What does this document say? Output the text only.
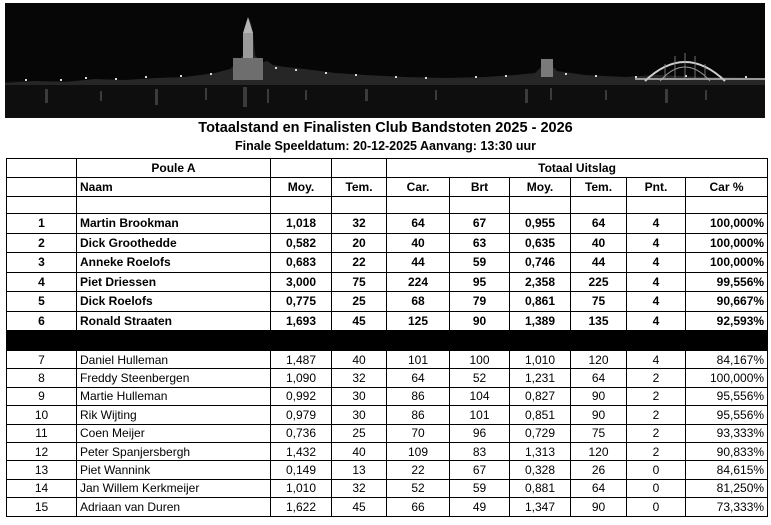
Totaalstand en Finalisten Club Bandstoten 2025 - 2026
Finale Speeldatum: 20-12-2025 Aanvang: 13:30 uur
	Poule A			Totaal Uitslag					
	Naam	Moy.	Tem.	Car.	Brt	Moy.	Tem.	Pnt.	Car %

1	Martin Brookman	1,018	32	64	67	0,955	64	4	100,000%
2	Dick Groothedde	0,582	20	40	63	0,635	40	4	100,000%
3	Anneke Roelofs	0,683	22	44	59	0,746	44	4	100,000%
4	Piet Driessen	3,000	75	224	95	2,358	225	4	99,556%
5	Dick Roelofs	0,775	25	68	79	0,861	75	4	90,667%
6	Ronald Straaten	1,693	45	125	90	1,389	135	4	92,593%

7	Daniel Hulleman	1,487	40	101	100	1,010	120	4	84,167%
8	Freddy Steenbergen	1,090	32	64	52	1,231	64	2	100,000%
9	Martie Hulleman	0,992	30	86	104	0,827	90	2	95,556%
10	Rik Wijting	0,979	30	86	101	0,851	90	2	95,556%
11	Coen Meijer	0,736	25	70	96	0,729	75	2	93,333%
12	Peter Spanjersbergh	1,432	40	109	83	1,313	120	2	90,833%
13	Piet Wannink	0,149	13	22	67	0,328	26	0	84,615%
14	Jan Willem Kerkmeijer	1,010	32	52	59	0,881	64	0	81,250%
15	Adriaan van Duren	1,622	45	66	49	1,347	90	0	73,333%
